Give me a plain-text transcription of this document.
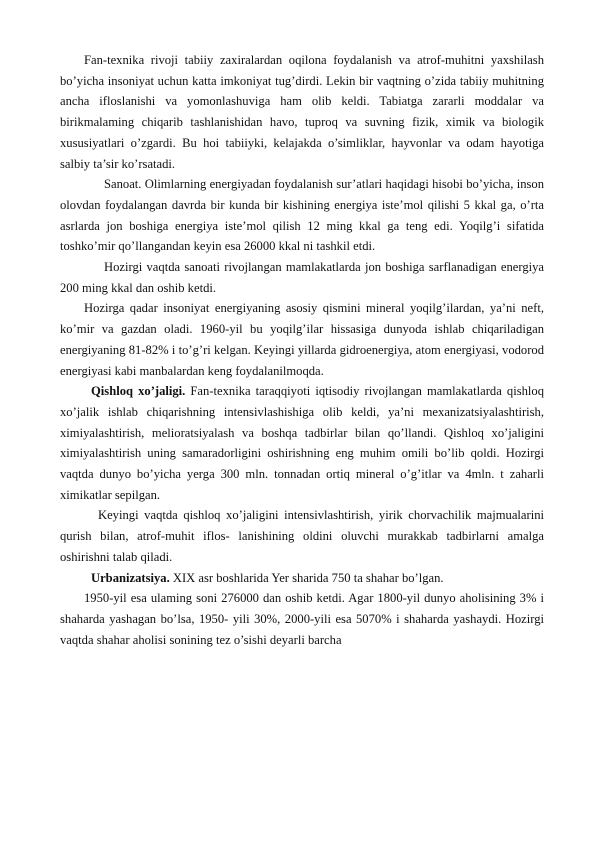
Fan-texnika rivoji tabiiy zaxiralardan oqilona foydalanish va atrof-muhitni yaxshilash bo’yicha insoniyat uchun katta imkoniyat tug’dirdi. Lekin bir vaqtning o’zida tabiiy muhitning ancha ifloslanishi va yomonlashuviga ham olib keldi. Tabiatga zararli moddalar va birikmalaming chiqarib tashlanishidan havo, tuproq va suvning fizik, ximik va biologik xususiyatlari o’zgardi. Bu hoi tabiiyki, kelajakda o’simliklar, hayvonlar va odam hayotiga salbiy ta’sir ko’rsatadi.

Sanoat. Olimlarning energiyadan foydalanish sur’atlari haqidagi hisobi bo’yicha, inson olovdan foydalangan davrda bir kunda bir kishining energiya iste’mol qilishi 5 kkal ga, o’rta asrlarda jon boshiga energiya iste’mol qilish 12 ming kkal ga teng edi. Yoqilg’i sifatida toshko’mir qo’llangandan keyin esa 26000 kkal ni tashkil etdi.

Hozirgi vaqtda sanoati rivojlangan mamlakatlarda jon boshiga sarflanadigan energiya 200 ming kkal dan oshib ketdi.

Hozirga qadar insoniyat energiyaning asosiy qismini mineral yoqilg’ilardan, ya’ni neft, ko’mir va gazdan oladi. 1960-yil bu yoqilg’ilar hissasiga dunyoda ishlab chiqariladigan energiyaning 81-82% i to’g’ri kelgan. Keyingi yillarda gidroenergiya, atom energiyasi, vodorod energiyasi kabi manbalardan keng foydalanilmoqda.

Qishloq xo’jaligi. Fan-texnika taraqqiyoti iqtisodiy rivojlangan mamlakatlarda qishloq xo’jalik ishlab chiqarishning intensivlashishiga olib keldi, ya’ni mexanizatsiyalashtirish, ximiyalashtirish, melioratsiyalash va boshqa tadbirlar bilan qo’llandi. Qishloq xo’jaligini ximiyalashtirish uning samaradorligini oshirishning eng muhim omili bo’lib qoldi. Hozirgi vaqtda dunyo bo’yicha yerga 300 mln. tonnadan ortiq mineral o’g’itlar va 4mln. t zaharli ximikatlar sepilgan.

Keyingi vaqtda qishloq xo’jaligini intensivlashtirish, yirik chorvachilik majmualarini qurish bilan, atrof-muhit iflos- lanishining oldini oluvchi murakkab tadbirlarni amalga oshirishni talab qiladi.

Urbanizatsiya. XIX asr boshlarida Yer sharida 750 ta shahar bo’lgan.

1950-yil esa ulaming soni 276000 dan oshib ketdi. Agar 1800-yil dunyo aholisining 3% i shaharda yashagan bo’lsa, 1950- yili 30%, 2000-yili esa 5070% i shaharda yashaydi. Hozirgi vaqtda shahar aholisi sonining tez o’sishi deyarli barcha
